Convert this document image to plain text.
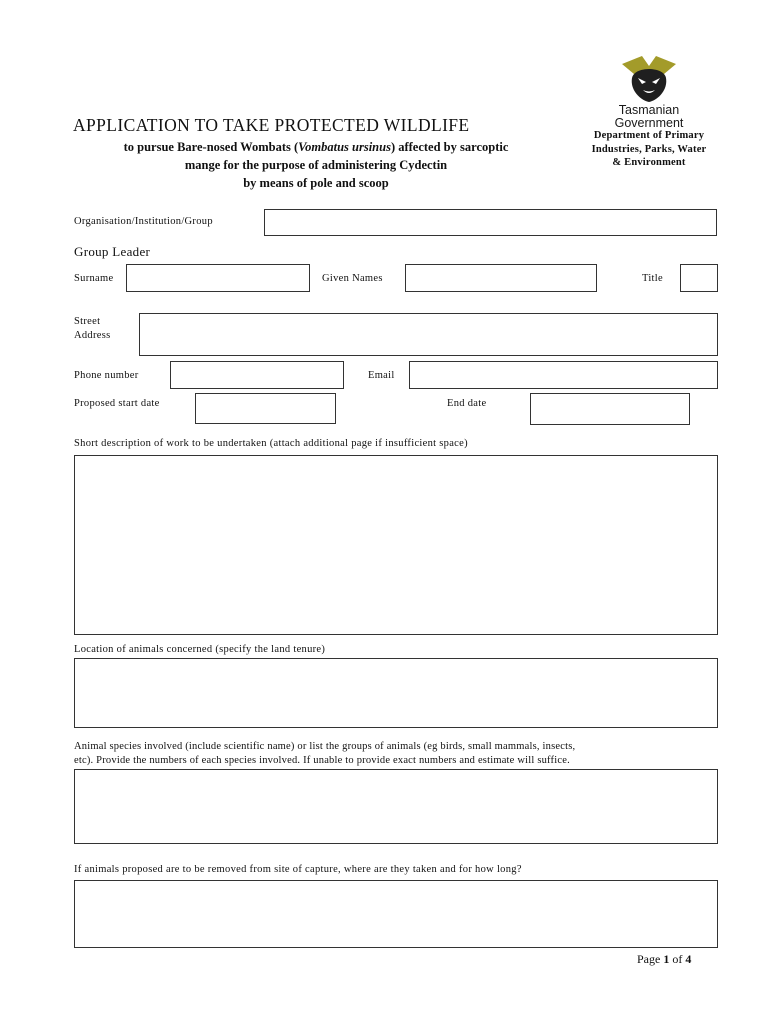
APPLICATION TO TAKE PROTECTED WILDLIFE
to pursue Bare-nosed Wombats (Vombatus ursinus) affected by sarcoptic
mange for the purpose of administering Cydectin
by means of pole and scoop
Tasmanian
Government
Department of Primary
Industries, Parks, Water
& Environment
Organisation/Institution/Group
Group Leader
Surname	Given Names	Title
Street
Address
Phone number	Email
Proposed start date	End date
Short description of work to be undertaken (attach additional page if insufficient space)
Location of animals concerned (specify the land tenure)
Animal species involved (include scientific name) or list the groups of animals (eg birds, small mammals, insects,
etc). Provide the numbers of each species involved. If unable to provide exact numbers and estimate will suffice.
If animals proposed are to be removed from site of capture, where are they taken and for how long?
Page 1 of 4
